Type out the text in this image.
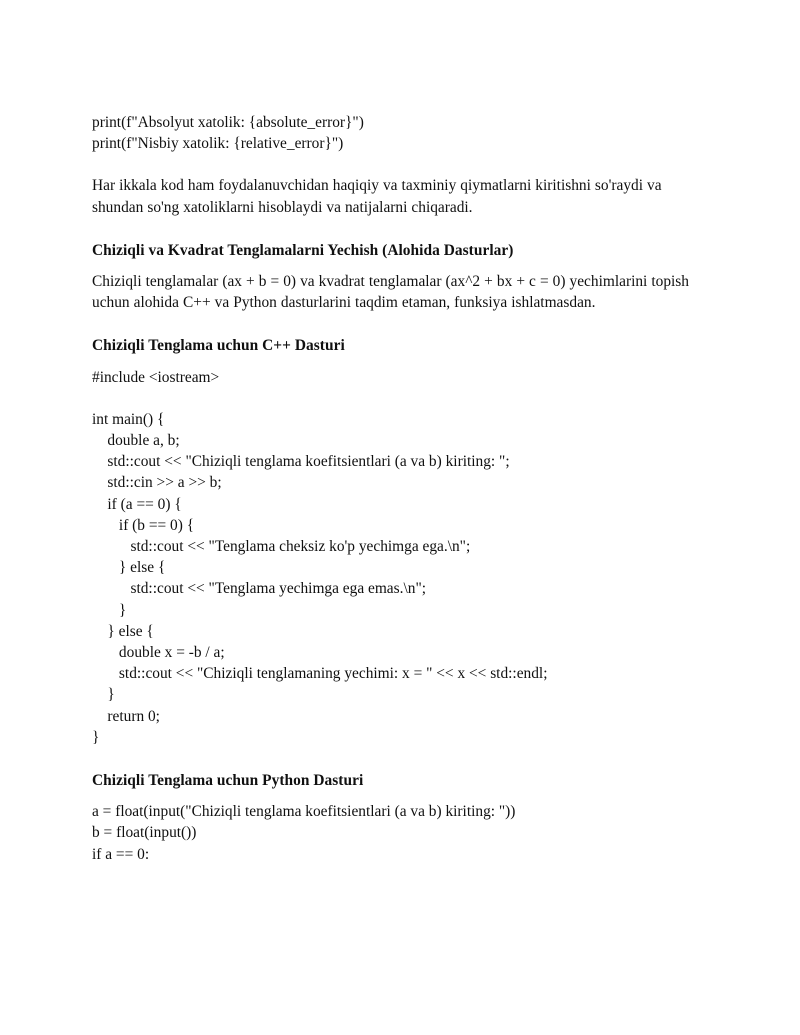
print(f"Absolyut xatolik: {absolute_error}")
print(f"Nisbiy xatolik: {relative_error}")
Har ikkala kod ham foydalanuvchidan haqiqiy va taxminiy qiymatlarni kiritishni so'raydi va shundan so'ng xatoliklarni hisoblaydi va natijalarni chiqaradi.
Chiziqli va Kvadrat Tenglamalarni Yechish (Alohida Dasturlar)
Chiziqli tenglamalar (ax + b = 0) va kvadrat tenglamalar (ax^2 + bx + c = 0) yechimlarini topish uchun alohida C++ va Python dasturlarini taqdim etaman, funksiya ishlatmasdan.
Chiziqli Tenglama uchun C++ Dasturi
#include <iostream>
int main() {
double a, b;
std::cout << "Chiziqli tenglama koefitsientlari (a va b) kiriting: ";
std::cin >> a >> b;
if (a == 0) {
if (b == 0) {
std::cout << "Tenglama cheksiz ko'p yechimga ega.\n";
} else {
std::cout << "Tenglama yechimga ega emas.\n";
}
} else {
double x = -b / a;
std::cout << "Chiziqli tenglamaning yechimi: x = " << x << std::endl;
}
return 0;
}
Chiziqli Tenglama uchun Python Dasturi
a = float(input("Chiziqli tenglama koefitsientlari (a va b) kiriting: "))
b = float(input())
if a == 0:
